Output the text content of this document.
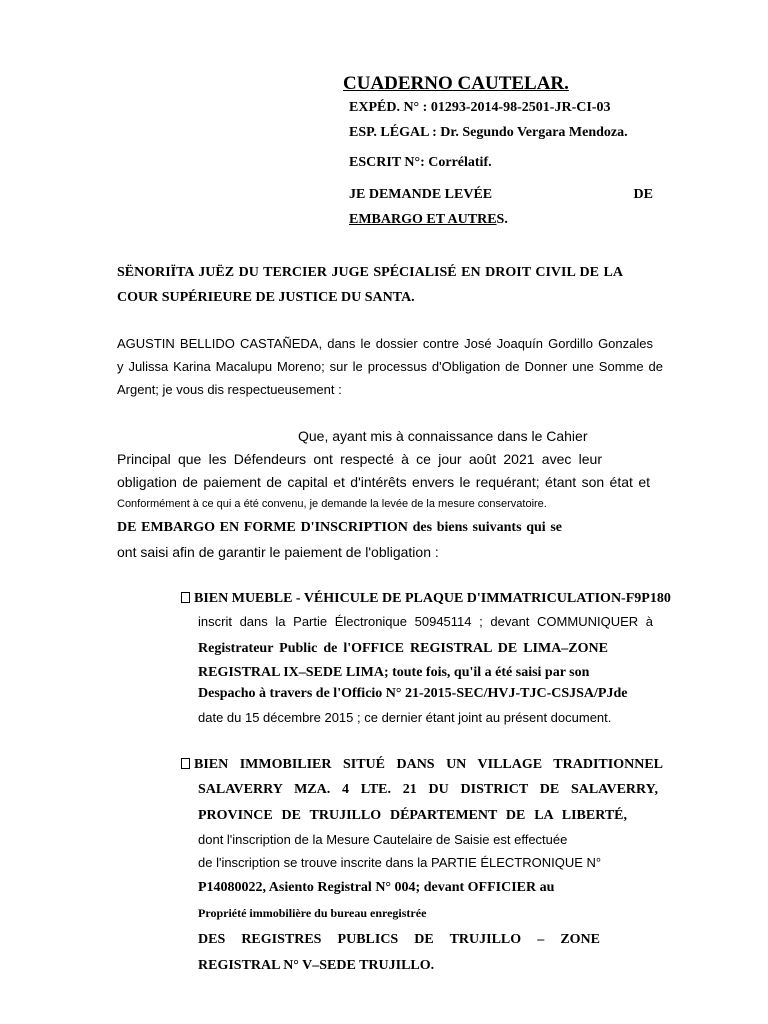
CUADERNO CAUTELAR.
EXPÉD. N° : 01293-2014-98-2501-JR-CI-03
ESP. LÉGAL : Dr. Segundo Vergara Mendoza.
ESCRIT N°: Corrélatif.
JE DEMANDE LEVÉE	DE
EMBARGO ET AUTRES.
SËNORIÏTA JUËZ DU TERCIER JUGE SPÉCIALISÉ EN DROIT CIVIL DE LA
COUR SUPÉRIEURE DE JUSTICE DU SANTA.
AGUSTIN BELLIDO CASTAÑEDA, dans le dossier contre José Joaquín Gordillo Gonzales
y Julissa Karina Macalupu Moreno; sur le processus d'Obligation de Donner une Somme de
Argent; je vous dis respectueusement :
Que, ayant mis à connaissance dans le Cahier
Principal que les Défendeurs ont respecté à ce jour août 2021 avec leur
obligation de paiement de capital et d'intérêts envers le requérant; étant son état et
Conformément à ce qui a été convenu, je demande la levée de la mesure conservatoire.
DE EMBARGO EN FORME D'INSCRIPTION des biens suivants qui se
ont saisi afin de garantir le paiement de l'obligation :
BIEN MUEBLE - VÉHICULE DE PLAQUE D'IMMATRICULATION-F9P180
inscrit dans la Partie Électronique 50945114 ; devant COMMUNIQUER à
Registrateur Public de l'OFFICE REGISTRAL DE LIMA–ZONE
REGISTRAL IX–SEDE LIMA; toute fois, qu'il a été saisi par son
Despacho à travers de l'Officio N° 21-2015-SEC/HVJ-TJC-CSJSA/PJde
date du 15 décembre 2015 ; ce dernier étant joint au présent document.
BIEN IMMOBILIER SITUÉ DANS UN VILLAGE TRADITIONNEL
SALAVERRY MZA. 4 LTE. 21 DU DISTRICT DE SALAVERRY,
PROVINCE DE TRUJILLO DÉPARTEMENT DE LA LIBERTÉ,
dont l'inscription de la Mesure Cautelaire de Saisie est effectuée
de l'inscription se trouve inscrite dans la PARTIE ÉLECTRONIQUE N°
P14080022, Asiento Registral N° 004; devant OFFICIER au
Propriété immobilière du bureau enregistrée
DES REGISTRES PUBLICS DE TRUJILLO – ZONE
REGISTRAL N° V–SEDE TRUJILLO.
